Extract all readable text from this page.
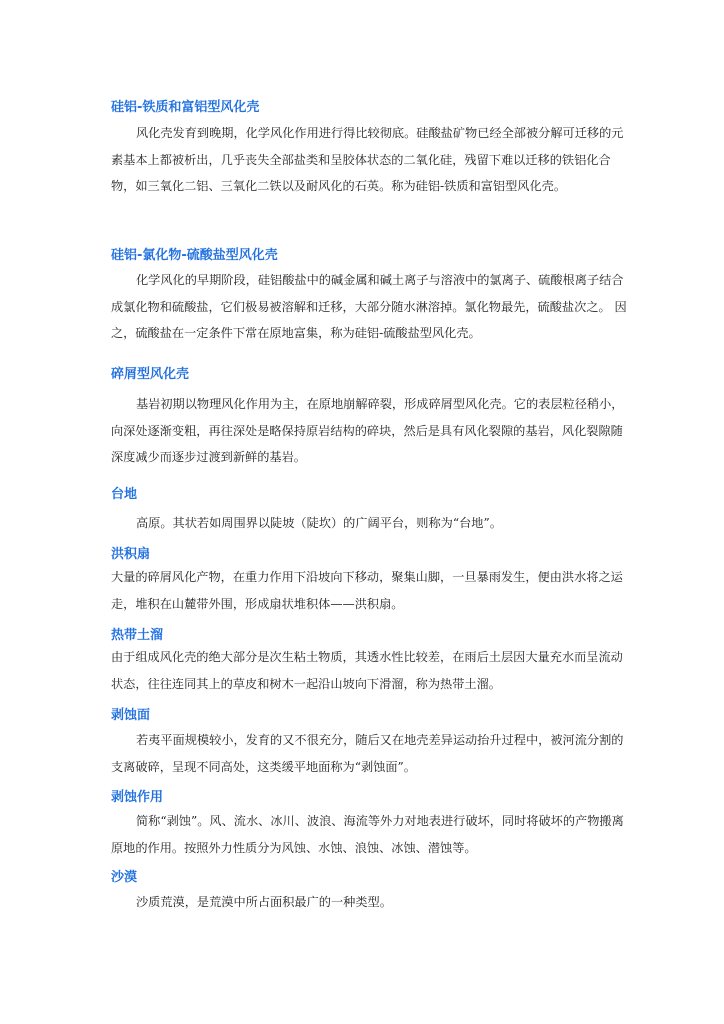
硅铝-铁质和富铝型风化壳

风化壳发育到晚期，化学风化作用进行得比较彻底。硅酸盐矿物已经全部被分解可迁移的元素基本上都被析出，几乎丧失全部盐类和呈胶体状态的二氧化硅，残留下难以迁移的铁铝化合物，如三氧化二铝、三氧化二铁以及耐风化的石英。称为硅铝-铁质和富铝型风化壳。

硅铝-氯化物-硫酸盐型风化壳

化学风化的早期阶段，硅铝酸盐中的碱金属和碱土离子与溶液中的氯离子、硫酸根离子结合成氯化物和硫酸盐，它们极易被溶解和迁移，大部分随水淋溶掉。氯化物最先，硫酸盐次之。 因之，硫酸盐在一定条件下常在原地富集，称为硅铝-硫酸盐型风化壳。

碎屑型风化壳

基岩初期以物理风化作用为主，在原地崩解碎裂，形成碎屑型风化壳。它的表层粒径稍小，向深处逐渐变粗，再往深处是略保持原岩结构的碎块，然后是具有风化裂隙的基岩，风化裂隙随深度减少而逐步过渡到新鲜的基岩。

台地

高原。其状若如周围界以陡坡（陡坎）的广阔平台，则称为“台地”。

洪积扇

大量的碎屑风化产物，在重力作用下沿坡向下移动，聚集山脚，一旦暴雨发生，便由洪水将之运走，堆积在山麓带外围，形成扇状堆积体——洪积扇。

热带土溜

由于组成风化壳的绝大部分是次生粘土物质，其透水性比较差，在雨后土层因大量充水而呈流动状态，往往连同其上的草皮和树木一起沿山坡向下滑溜，称为热带土溜。

剥蚀面

若夷平面规模较小，发育的又不很充分，随后又在地壳差异运动抬升过程中，被河流分割的支离破碎，呈现不同高处，这类缓平地面称为“剥蚀面”。

剥蚀作用

简称“剥蚀”。风、流水、冰川、波浪、海流等外力对地表进行破坏，同时将破坏的产物搬离原地的作用。按照外力性质分为风蚀、水蚀、浪蚀、冰蚀、潜蚀等。

沙漠

沙质荒漠，是荒漠中所占面积最广的一种类型。
